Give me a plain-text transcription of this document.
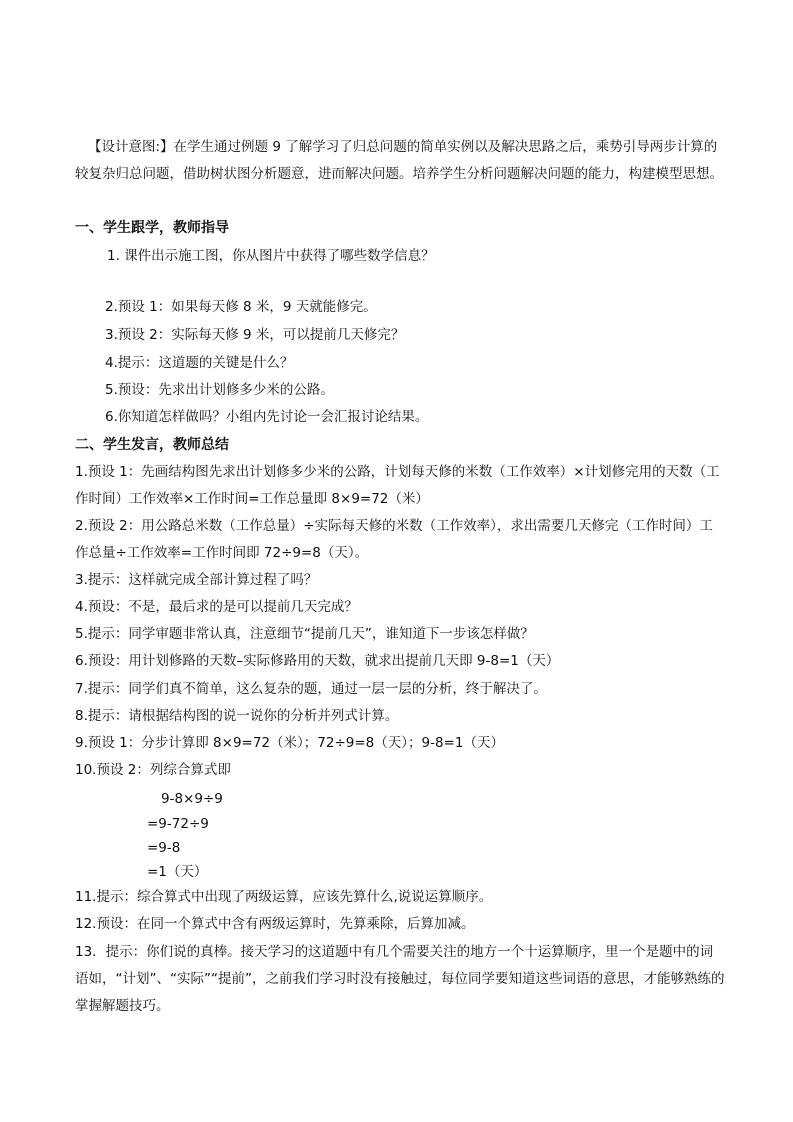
【设计意图:】在学生通过例题 9 了解学习了归总问题的简单实例以及解决思路之后，乘势引导两步计算的较复杂归总问题，借助树状图分析题意，进而解决问题。培养学生分析问题解决问题的能力，构建模型思想。

一、学生跟学，教师指导
1. 课件出示施工图，你从图片中获得了哪些数学信息？
2.预设 1：如果每天修 8 米，9 天就能修完。
3.预设 2：实际每天修 9 米，可以提前几天修完？
4.提示：这道题的关键是什么？
5.预设：先求出计划修多少米的公路。
6.你知道怎样做吗？小组内先讨论一会汇报讨论结果。
二、学生发言，教师总结

1.预设 1：先画结构图先求出计划修多少米的公路，计划每天修的米数（工作效率）×计划修完用的天数（工作时间）工作效率×工作时间=工作总量即 8×9=72（米）

2.预设 2：用公路总米数（工作总量）÷实际每天修的米数（工作效率），求出需要几天修完（工作时间）工作总量÷工作效率=工作时间即 72÷9=8（天）。

3.提示：这样就完成全部计算过程了吗？
4.预设：不是，最后求的是可以提前几天完成？
5.提示：同学审题非常认真，注意细节“提前几天”，谁知道下一步该怎样做？
6.预设：用计划修路的天数–实际修路用的天数，就求出提前几天即 9-8=1（天）
7.提示：同学们真不简单，这么复杂的题，通过一层一层的分析，终于解决了。
8.提示：请根据结构图的说一说你的分析并列式计算。
9.预设 1：分步计算即 8×9=72（米）；72÷9=8（天）；9-8=1（天）
10.预设 2：列综合算式即
9-8×9÷9
=9-72÷9
=9-8
=1（天）
11.提示：综合算式中出现了两级运算，应该先算什么,说说运算顺序。
12.预设：在同一个算式中含有两级运算时，先算乘除，后算加减。

13．提示：你们说的真棒。接天学习的这道题中有几个需要关注的地方一个十运算顺序，里一个是题中的词语如，“计划”、“实际”“提前”，之前我们学习时没有接触过，每位同学要知道这些词语的意思，才能够熟练的掌握解题技巧。
